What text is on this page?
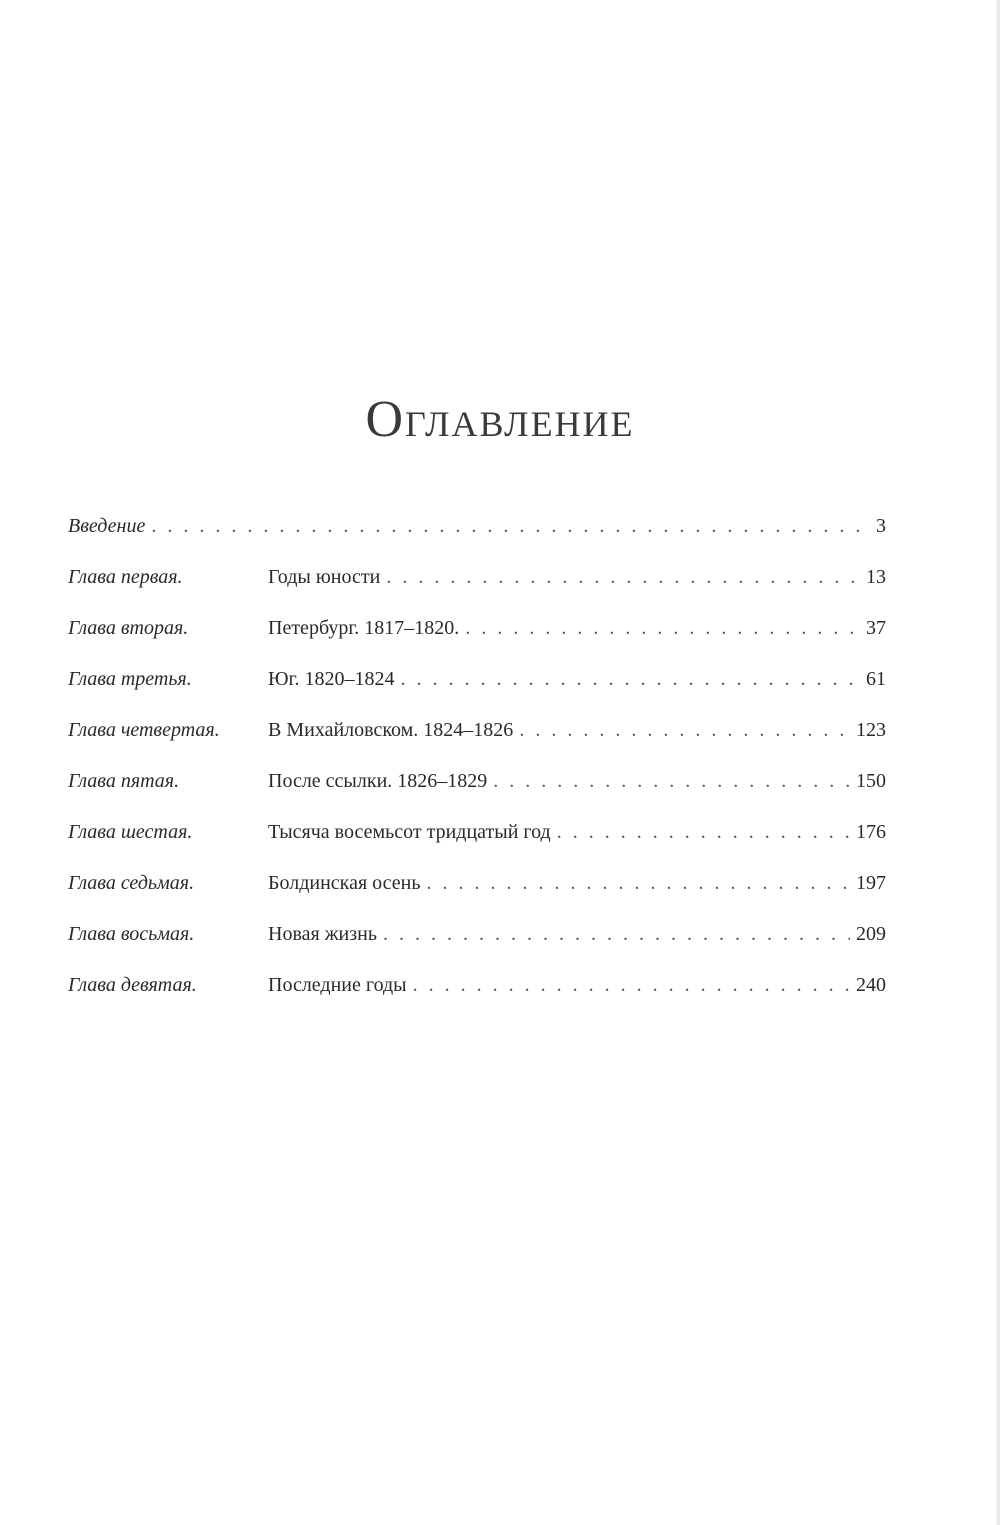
Оглавление
Введение . . .	3
Глава первая.	Годы юности . . .	13
Глава вторая.	Петербург. 1817–1820. . . .	37
Глава третья.	Юг. 1820–1824 . . .	61
Глава четвертая.	В Михайловском. 1824–1826 . . .	123
Глава пятая.	После ссылки. 1826–1829 . . .	150
Глава шестая.	Тысяча восемьсот тридцатый год . . .	176
Глава седьмая.	Болдинская осень . . .	197
Глава восьмая.	Новая жизнь . . .	209
Глава девятая.	Последние годы . . .	240
